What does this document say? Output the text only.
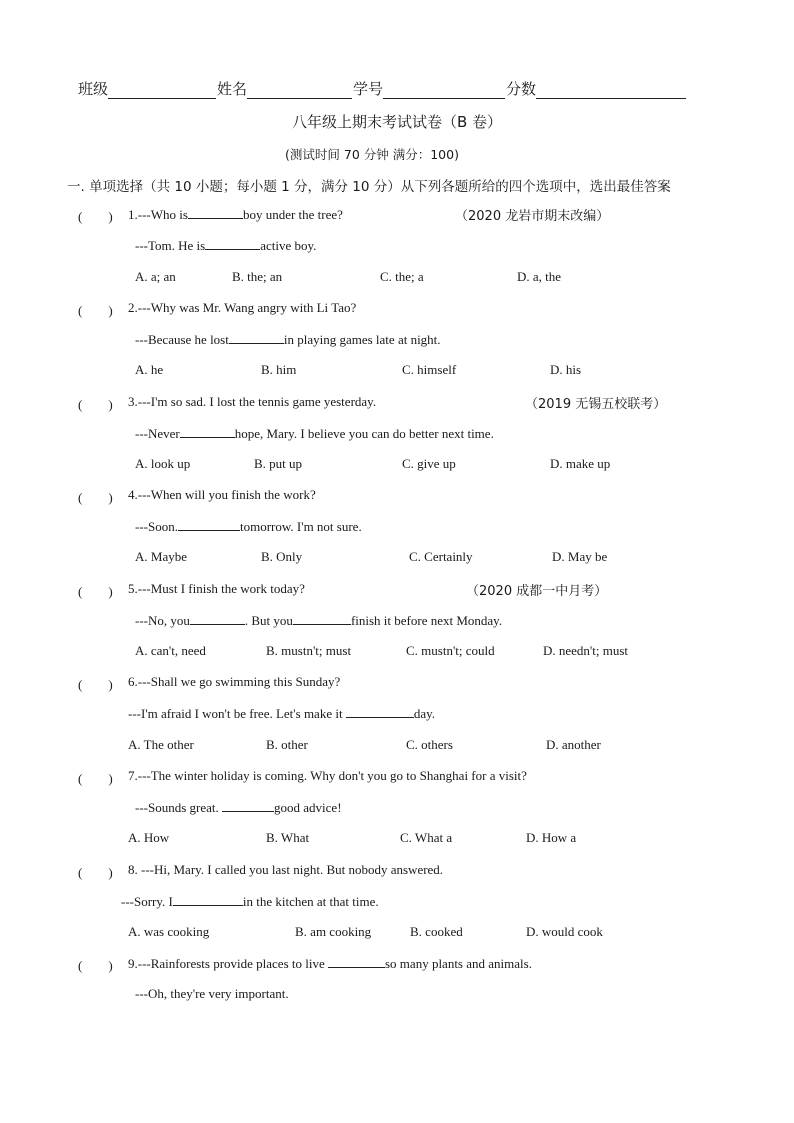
班级	姓名	学号	分数
八年级上期末考试试卷（B 卷）
(测试时间 70 分钟 满分：100)
一. 单项选择（共 10 小题；每小题 1 分，满分 10 分）从下列各题所给的四个选项中，选出最佳答案
(　　) 1.---Who is	boy under the tree?	（2020 龙岩市期末改编）
---Tom. He is	active boy.
A. a; an	B. the; an	C. the; a	D. a, the
(　　) 2.---Why was Mr. Wang angry with Li Tao?
---Because he lost	in playing games late at night.
A. he	B. him	C. himself	D. his
(　　) 3.---I'm so sad. I lost the tennis game yesterday.	（2019 无锡五校联考）
---Never	hope, Mary. I believe you can do better next time.
A. look up	B. put up	C. give up	D. make up
(　　) 4.---When will you finish the work?
---Soon.	tomorrow. I'm not sure.
A. Maybe	B. Only	C. Certainly	D. May be
(　　) 5.---Must I finish the work today?	（2020 成都一中月考）
---No, you	. But you	finish it before next Monday.
A. can't, need	B. mustn't; must	C. mustn't; could	D. needn't; must
(　　) 6.---Shall we go swimming this Sunday?
---I'm afraid I won't be free. Let's make it	day.
A. The other	B. other	C. others	D. another
(　　) 7.---The winter holiday is coming. Why don't you go to Shanghai for a visit?
---Sounds great.	good advice!
A. How	B. What	C. What a	D. How a
(　　) 8. ---Hi, Mary. I called you last night. But nobody answered.
---Sorry. I	in the kitchen at that time.
A. was cooking	B. am cooking	B. cooked	D. would cook
(　　) 9.---Rainforests provide places to live	so many plants and animals.
---Oh, they're very important.
